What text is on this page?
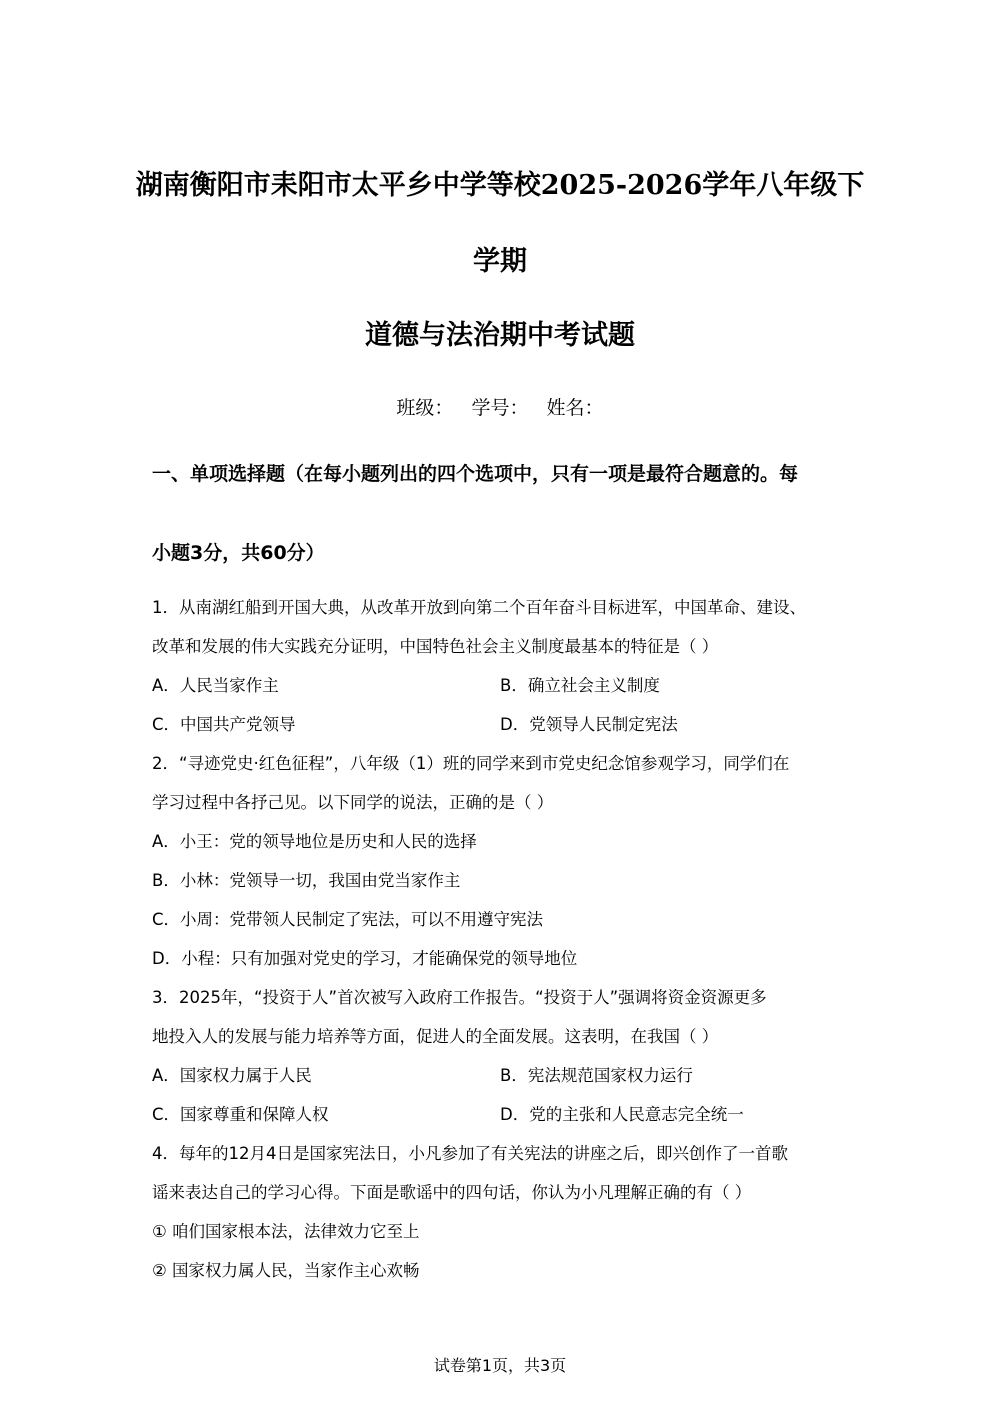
湖南衡阳市耒阳市太平乡中学等校2025-2026学年八年级下
学期
道德与法治期中考试题
班级： 学号： 姓名：
一、单项选择题（在每小题列出的四个选项中，只有一项是最符合题意的。每
小题3分，共60分）
1．从南湖红船到开国大典，从改革开放到向第二个百年奋斗目标进军，中国革命、建设、
改革和发展的伟大实践充分证明，中国特色社会主义制度最基本的特征是（ ）
A．人民当家作主	B．确立社会主义制度
C．中国共产党领导	D．党领导人民制定宪法
2．“寻迹党史·红色征程”，八年级（1）班的同学来到市党史纪念馆参观学习，同学们在
学习过程中各抒己见。以下同学的说法，正确的是（ ）
A．小王：党的领导地位是历史和人民的选择
B．小林：党领导一切，我国由党当家作主
C．小周：党带领人民制定了宪法，可以不用遵守宪法
D．小程：只有加强对党史的学习，才能确保党的领导地位
3．2025年，“投资于人”首次被写入政府工作报告。“投资于人”强调将资金资源更多
地投入人的发展与能力培养等方面，促进人的全面发展。这表明，在我国（ ）
A．国家权力属于人民	B．宪法规范国家权力运行
C．国家尊重和保障人权	D．党的主张和人民意志完全统一
4．每年的12月4日是国家宪法日，小凡参加了有关宪法的讲座之后，即兴创作了一首歌
谣来表达自己的学习心得。下面是歌谣中的四句话，你认为小凡理解正确的有（ ）
① 咱们国家根本法，法律效力它至上
② 国家权力属人民，当家作主心欢畅
试卷第1页，共3页
